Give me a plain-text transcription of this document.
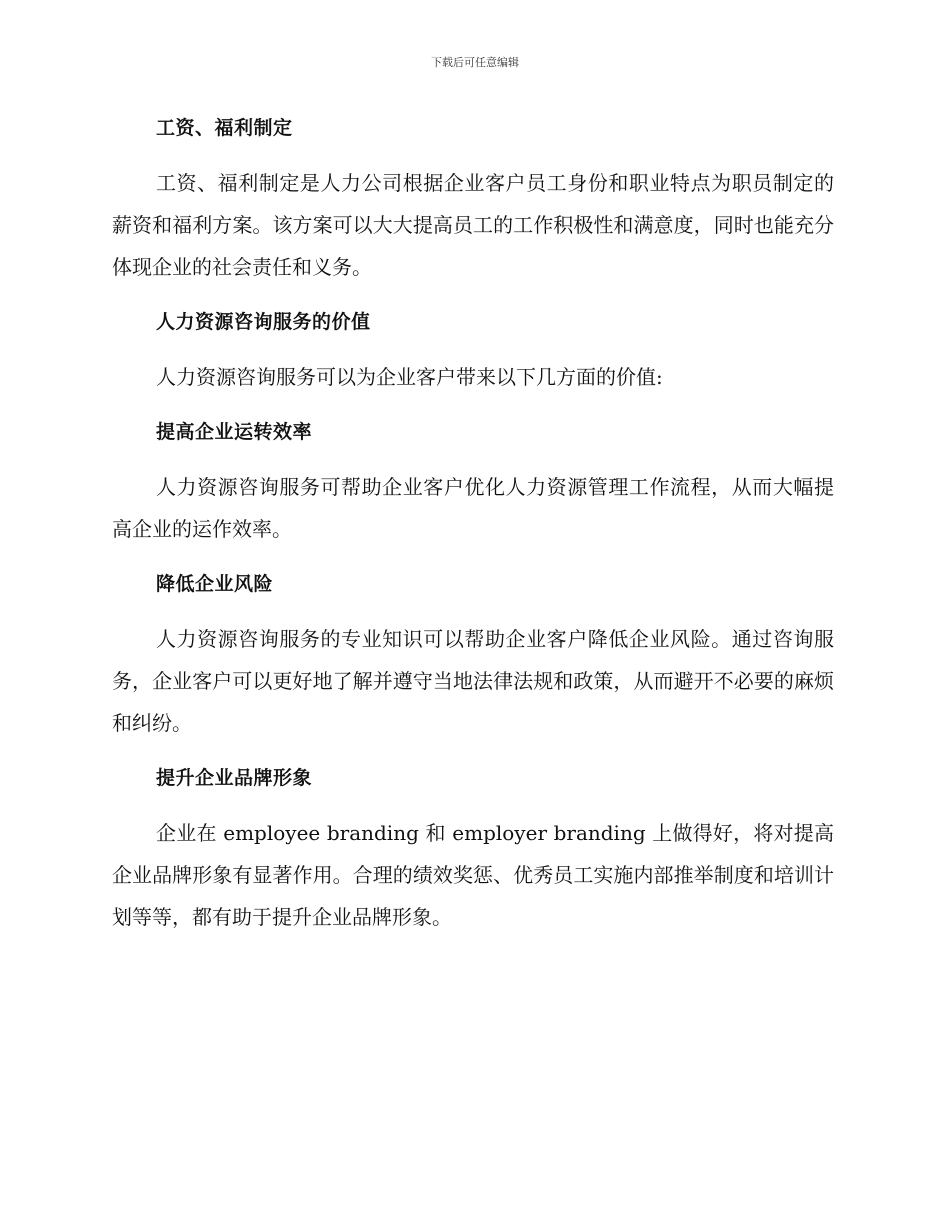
下载后可任意编辑
工资、福利制定
工资、福利制定是人力公司根据企业客户员工身份和职业特点为职员制定的薪资和福利方案。该方案可以大大提高员工的工作积极性和满意度，同时也能充分体现企业的社会责任和义务。
人力资源咨询服务的价值
人力资源咨询服务可以为企业客户带来以下几方面的价值:
提高企业运转效率
人力资源咨询服务可帮助企业客户优化人力资源管理工作流程，从而大幅提高企业的运作效率。
降低企业风险
人力资源咨询服务的专业知识可以帮助企业客户降低企业风险。通过咨询服务，企业客户可以更好地了解并遵守当地法律法规和政策，从而避开不必要的麻烦和纠纷。
提升企业品牌形象
企业在 employee branding 和 employer branding 上做得好，将对提高企业品牌形象有显著作用。合理的绩效奖惩、优秀员工实施内部推举制度和培训计划等等，都有助于提升企业品牌形象。
